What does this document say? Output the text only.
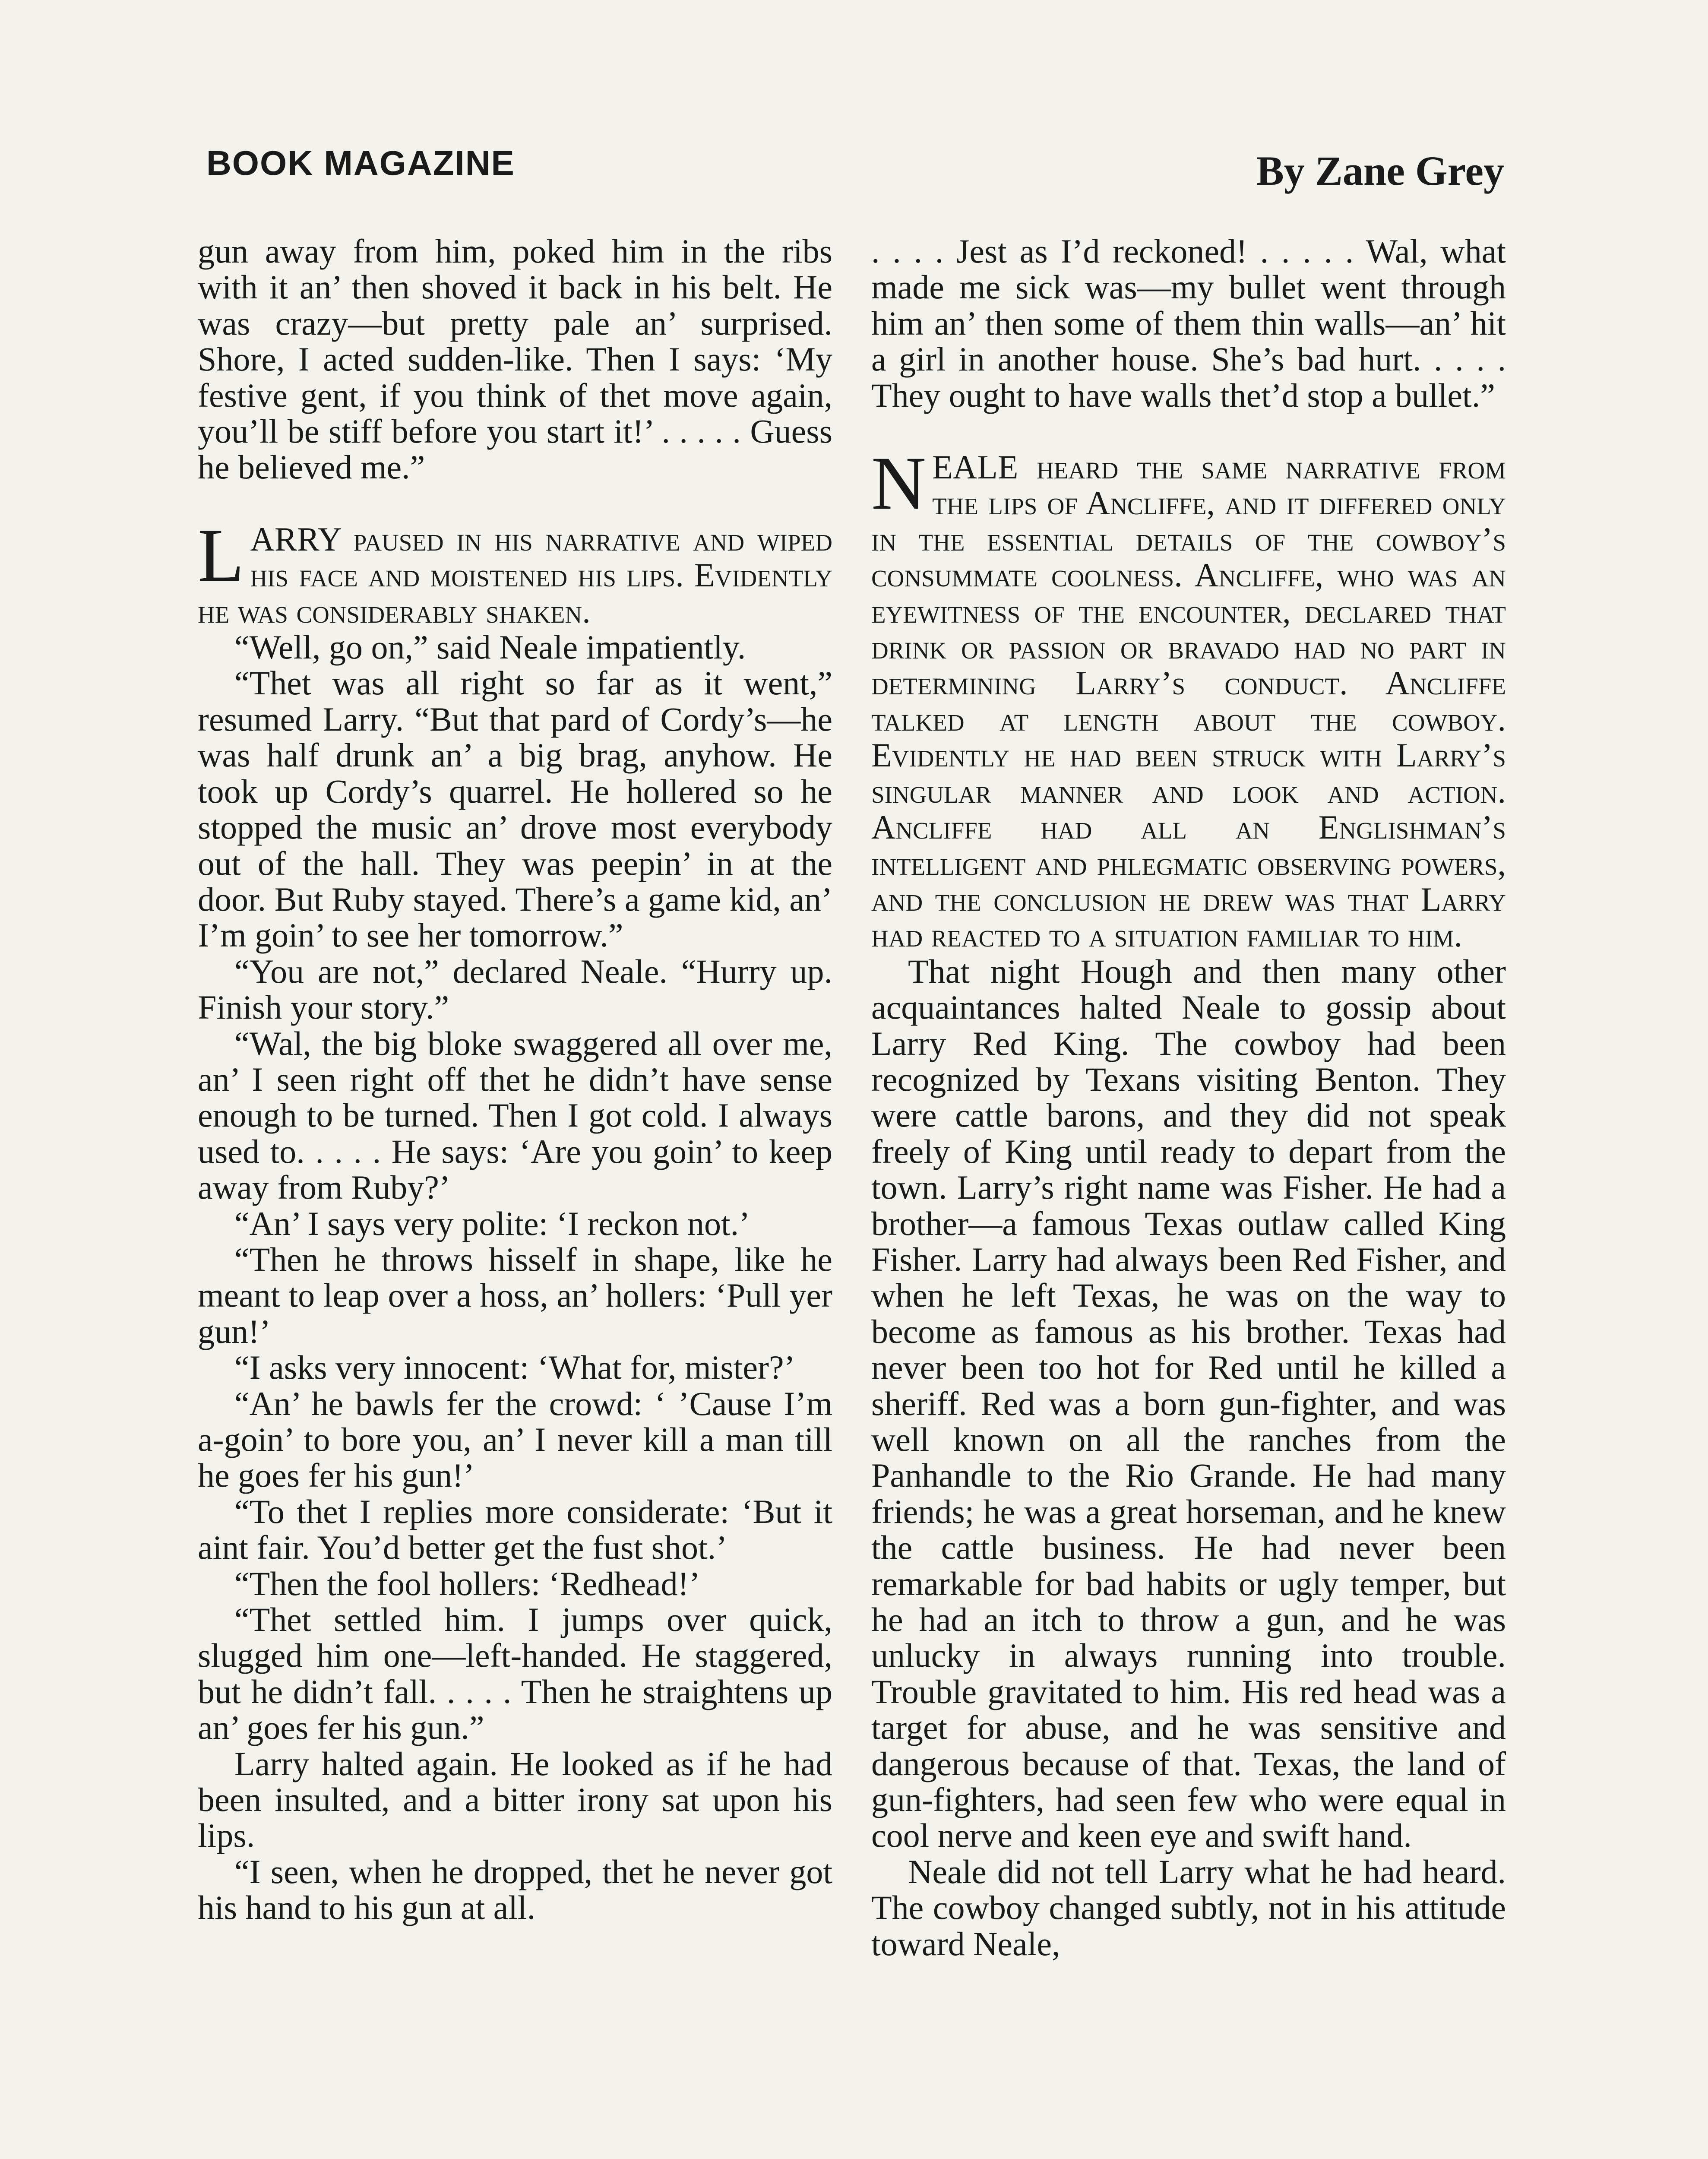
BOOK MAGAZINE	By Zane Grey

gun away from him, poked him in the ribs with it an’ then shoved it back in his belt. He was crazy—but pretty pale an’ surprised. Shore, I acted sudden-like. Then I says: ‘My festive gent, if you think of thet move again, you’ll be stiff before you start it!’ . . . . . Guess he believed me.”

LARRY paused in his narrative and wiped his face and moistened his lips. Evidently he was considerably shaken.

“Well, go on,” said Neale impatiently.

“Thet was all right so far as it went,” resumed Larry. “But that pard of Cordy’s—he was half drunk an’ a big brag, anyhow. He took up Cordy’s quarrel. He hollered so he stopped the music an’ drove most everybody out of the hall. They was peepin’ in at the door. But Ruby stayed. There’s a game kid, an’ I’m goin’ to see her tomorrow.”

“You are not,” declared Neale. “Hurry up. Finish your story.”

“Wal, the big bloke swaggered all over me, an’ I seen right off thet he didn’t have sense enough to be turned. Then I got cold. I always used to. . . . . He says: ‘Are you goin’ to keep away from Ruby?’

“An’ I says very polite: ‘I reckon not.’

“Then he throws hisself in shape, like he meant to leap over a hoss, an’ hollers: ‘Pull yer gun!’

“I asks very innocent: ‘What for, mister?’

“An’ he bawls fer the crowd: ‘ ’Cause I’m a-goin’ to bore you, an’ I never kill a man till he goes fer his gun!’

“To thet I replies more considerate: ‘But it aint fair. You’d better get the fust shot.’

“Then the fool hollers: ‘Redhead!’

“Thet settled him. I jumps over quick, slugged him one—left-handed. He staggered, but he didn’t fall. . . . . Then he straightens up an’ goes fer his gun.”

Larry halted again. He looked as if he had been insulted, and a bitter irony sat upon his lips.

“I seen, when he dropped, thet he never got his hand to his gun at all.

. . . . Jest as I’d reckoned! . . . . . Wal, what made me sick was—my bullet went through him an’ then some of them thin walls—an’ hit a girl in another house. She’s bad hurt. . . . . They ought to have walls thet’d stop a bullet.”

NEALE heard the same narrative from the lips of Ancliffe, and it differed only in the essential details of the cowboy’s consummate coolness. Ancliffe, who was an eyewitness of the encounter, declared that drink or passion or bravado had no part in determining Larry’s conduct. Ancliffe talked at length about the cowboy. Evidently he had been struck with Larry’s singular manner and look and action. Ancliffe had all an Englishman’s intelligent and phlegmatic observing powers, and the conclusion he drew was that Larry had reacted to a situation familiar to him.

That night Hough and then many other acquaintances halted Neale to gossip about Larry Red King. The cowboy had been recognized by Texans visiting Benton. They were cattle barons, and they did not speak freely of King until ready to depart from the town. Larry’s right name was Fisher. He had a brother—a famous Texas outlaw called King Fisher. Larry had always been Red Fisher, and when he left Texas, he was on the way to become as famous as his brother. Texas had never been too hot for Red until he killed a sheriff. Red was a born gun-fighter, and was well known on all the ranches from the Panhandle to the Rio Grande. He had many friends; he was a great horseman, and he knew the cattle business. He had never been remarkable for bad habits or ugly temper, but he had an itch to throw a gun, and he was unlucky in always running into trouble. Trouble gravitated to him. His red head was a target for abuse, and he was sensitive and dangerous because of that. Texas, the land of gun-fighters, had seen few who were equal in cool nerve and keen eye and swift hand.

Neale did not tell Larry what he had heard. The cowboy changed subtly, not in his attitude toward Neale,
